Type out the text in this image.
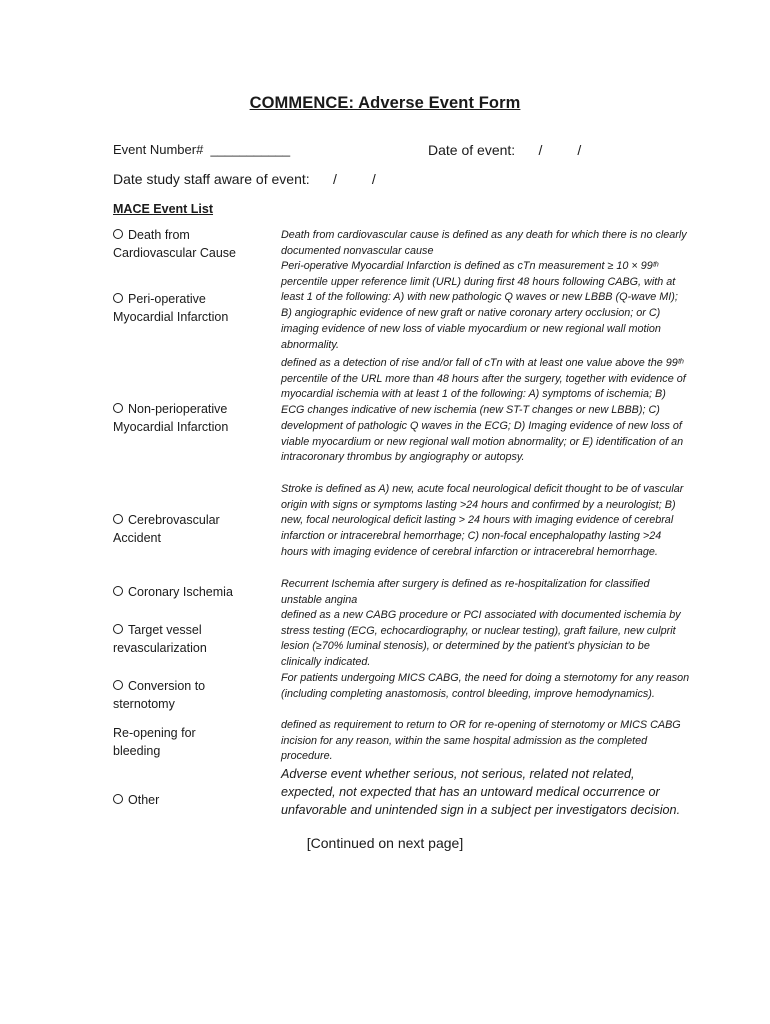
COMMENCE: Adverse Event Form
Event Number#  ___________	Date of event:      /         /
Date study staff aware of event:      /         /
MACE Event List
Death from Cardiovascular Cause
Death from cardiovascular cause is defined as any death for which there is no clearly documented nonvascular cause
Peri-operative Myocardial Infarction
Peri-operative Myocardial Infarction is defined as cTn measurement ≥ 10 × 99ᵗʰ percentile upper reference limit (URL) during first 48 hours following CABG, with at least 1 of the following: A) with new pathologic Q waves or new LBBB (Q-wave MI); B) angiographic evidence of new graft or native coronary artery occlusion; or C) imaging evidence of new loss of viable myocardium or new regional wall motion abnormality.
Non-perioperative Myocardial Infarction
defined as a detection of rise and/or fall of cTn with at least one value above the 99ᵗʰ percentile of the URL more than 48 hours after the surgery, together with evidence of myocardial ischemia with at least 1 of the following: A) symptoms of ischemia; B) ECG changes indicative of new ischemia (new ST-T changes or new LBBB); C) development of pathologic Q waves in the ECG; D) Imaging evidence of new loss of viable myocardium or new regional wall motion abnormality; or E) identification of an intracoronary thrombus by angiography or autopsy.
Cerebrovascular Accident
Stroke is defined as A) new, acute focal neurological deficit thought to be of vascular origin with signs or symptoms lasting >24 hours and confirmed by a neurologist; B) new, focal neurological deficit lasting > 24 hours with imaging evidence of cerebral infarction or intracerebral hemorrhage; C) non-focal encephalopathy lasting >24 hours with imaging evidence of cerebral infarction or intracerebral hemorrhage.
Coronary Ischemia
Recurrent Ischemia after surgery is defined as re-hospitalization for classified unstable angina
Target vessel revascularization
defined as a new CABG procedure or PCI associated with documented ischemia by stress testing (ECG, echocardiography, or nuclear testing), graft failure, new culprit lesion (≥70% luminal stenosis), or determined by the patient’s physician to be clinically indicated.
Conversion to sternotomy
For patients undergoing MICS CABG, the need for doing a sternotomy for any reason (including completing anastomosis, control bleeding, improve hemodynamics).
Re-opening for bleeding
defined as requirement to return to OR for re-opening of sternotomy or MICS CABG incision for any reason, within the same hospital admission as the completed procedure.
Other
Adverse event whether serious, not serious, related not related, expected, not expected that has an untoward medical occurrence or unfavorable and unintended sign in a subject per investigators decision.
[Continued on next page]
